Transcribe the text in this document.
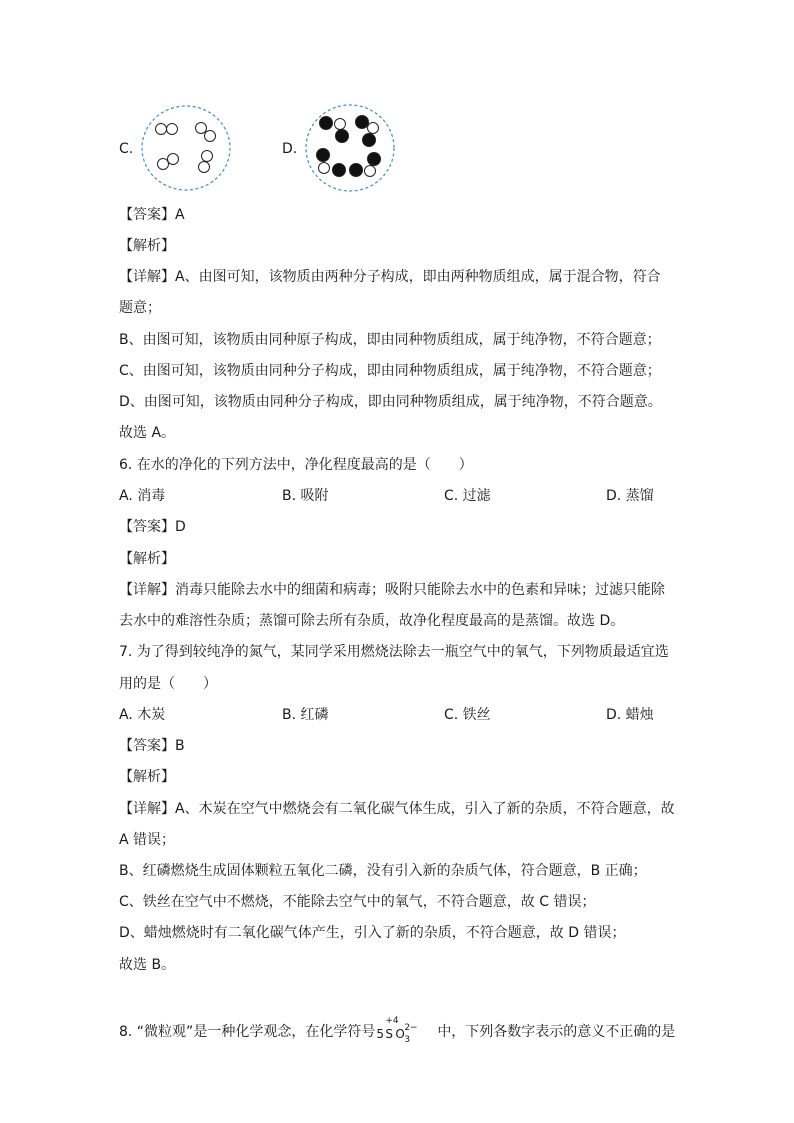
C.	D.
【答案】A
【解析】
【详解】A、由图可知，该物质由两种分子构成，即由两种物质组成，属于混合物，符合
题意；
B、由图可知，该物质由同种原子构成，即由同种物质组成，属于纯净物，不符合题意；
C、由图可知，该物质由同种分子构成，即由同种物质组成，属于纯净物，不符合题意；
D、由图可知，该物质由同种分子构成，即由同种物质组成，属于纯净物，不符合题意。
故选 A。
6. 在水的净化的下列方法中，净化程度最高的是（　　）
A. 消毒	B. 吸附	C. 过滤	D. 蒸馏
【答案】D
【解析】
【详解】消毒只能除去水中的细菌和病毒；吸附只能除去水中的色素和异味；过滤只能除
去水中的难溶性杂质；蒸馏可除去所有杂质，故净化程度最高的是蒸馏。故选 D。
7. 为了得到较纯净的氮气，某同学采用燃烧法除去一瓶空气中的氧气，下列物质最适宜选
用的是（　　）
A. 木炭	B. 红磷	C. 铁丝	D. 蜡烛
【答案】B
【解析】
【详解】A、木炭在空气中燃烧会有二氧化碳气体生成，引入了新的杂质，不符合题意，故
A 错误；
B、红磷燃烧生成固体颗粒五氧化二磷，没有引入新的杂质气体，符合题意，B 正确；
C、铁丝在空气中不燃烧，不能除去空气中的氧气，不符合题意，故 C 错误；
D、蜡烛燃烧时有二氧化碳气体产生，引入了新的杂质，不符合题意，故 D 错误；
故选 B。
8. “微粒观”是一种化学观念，在化学符号 5
+4
S O 3
2− 中，下列各数字表示的意义不正确的是
